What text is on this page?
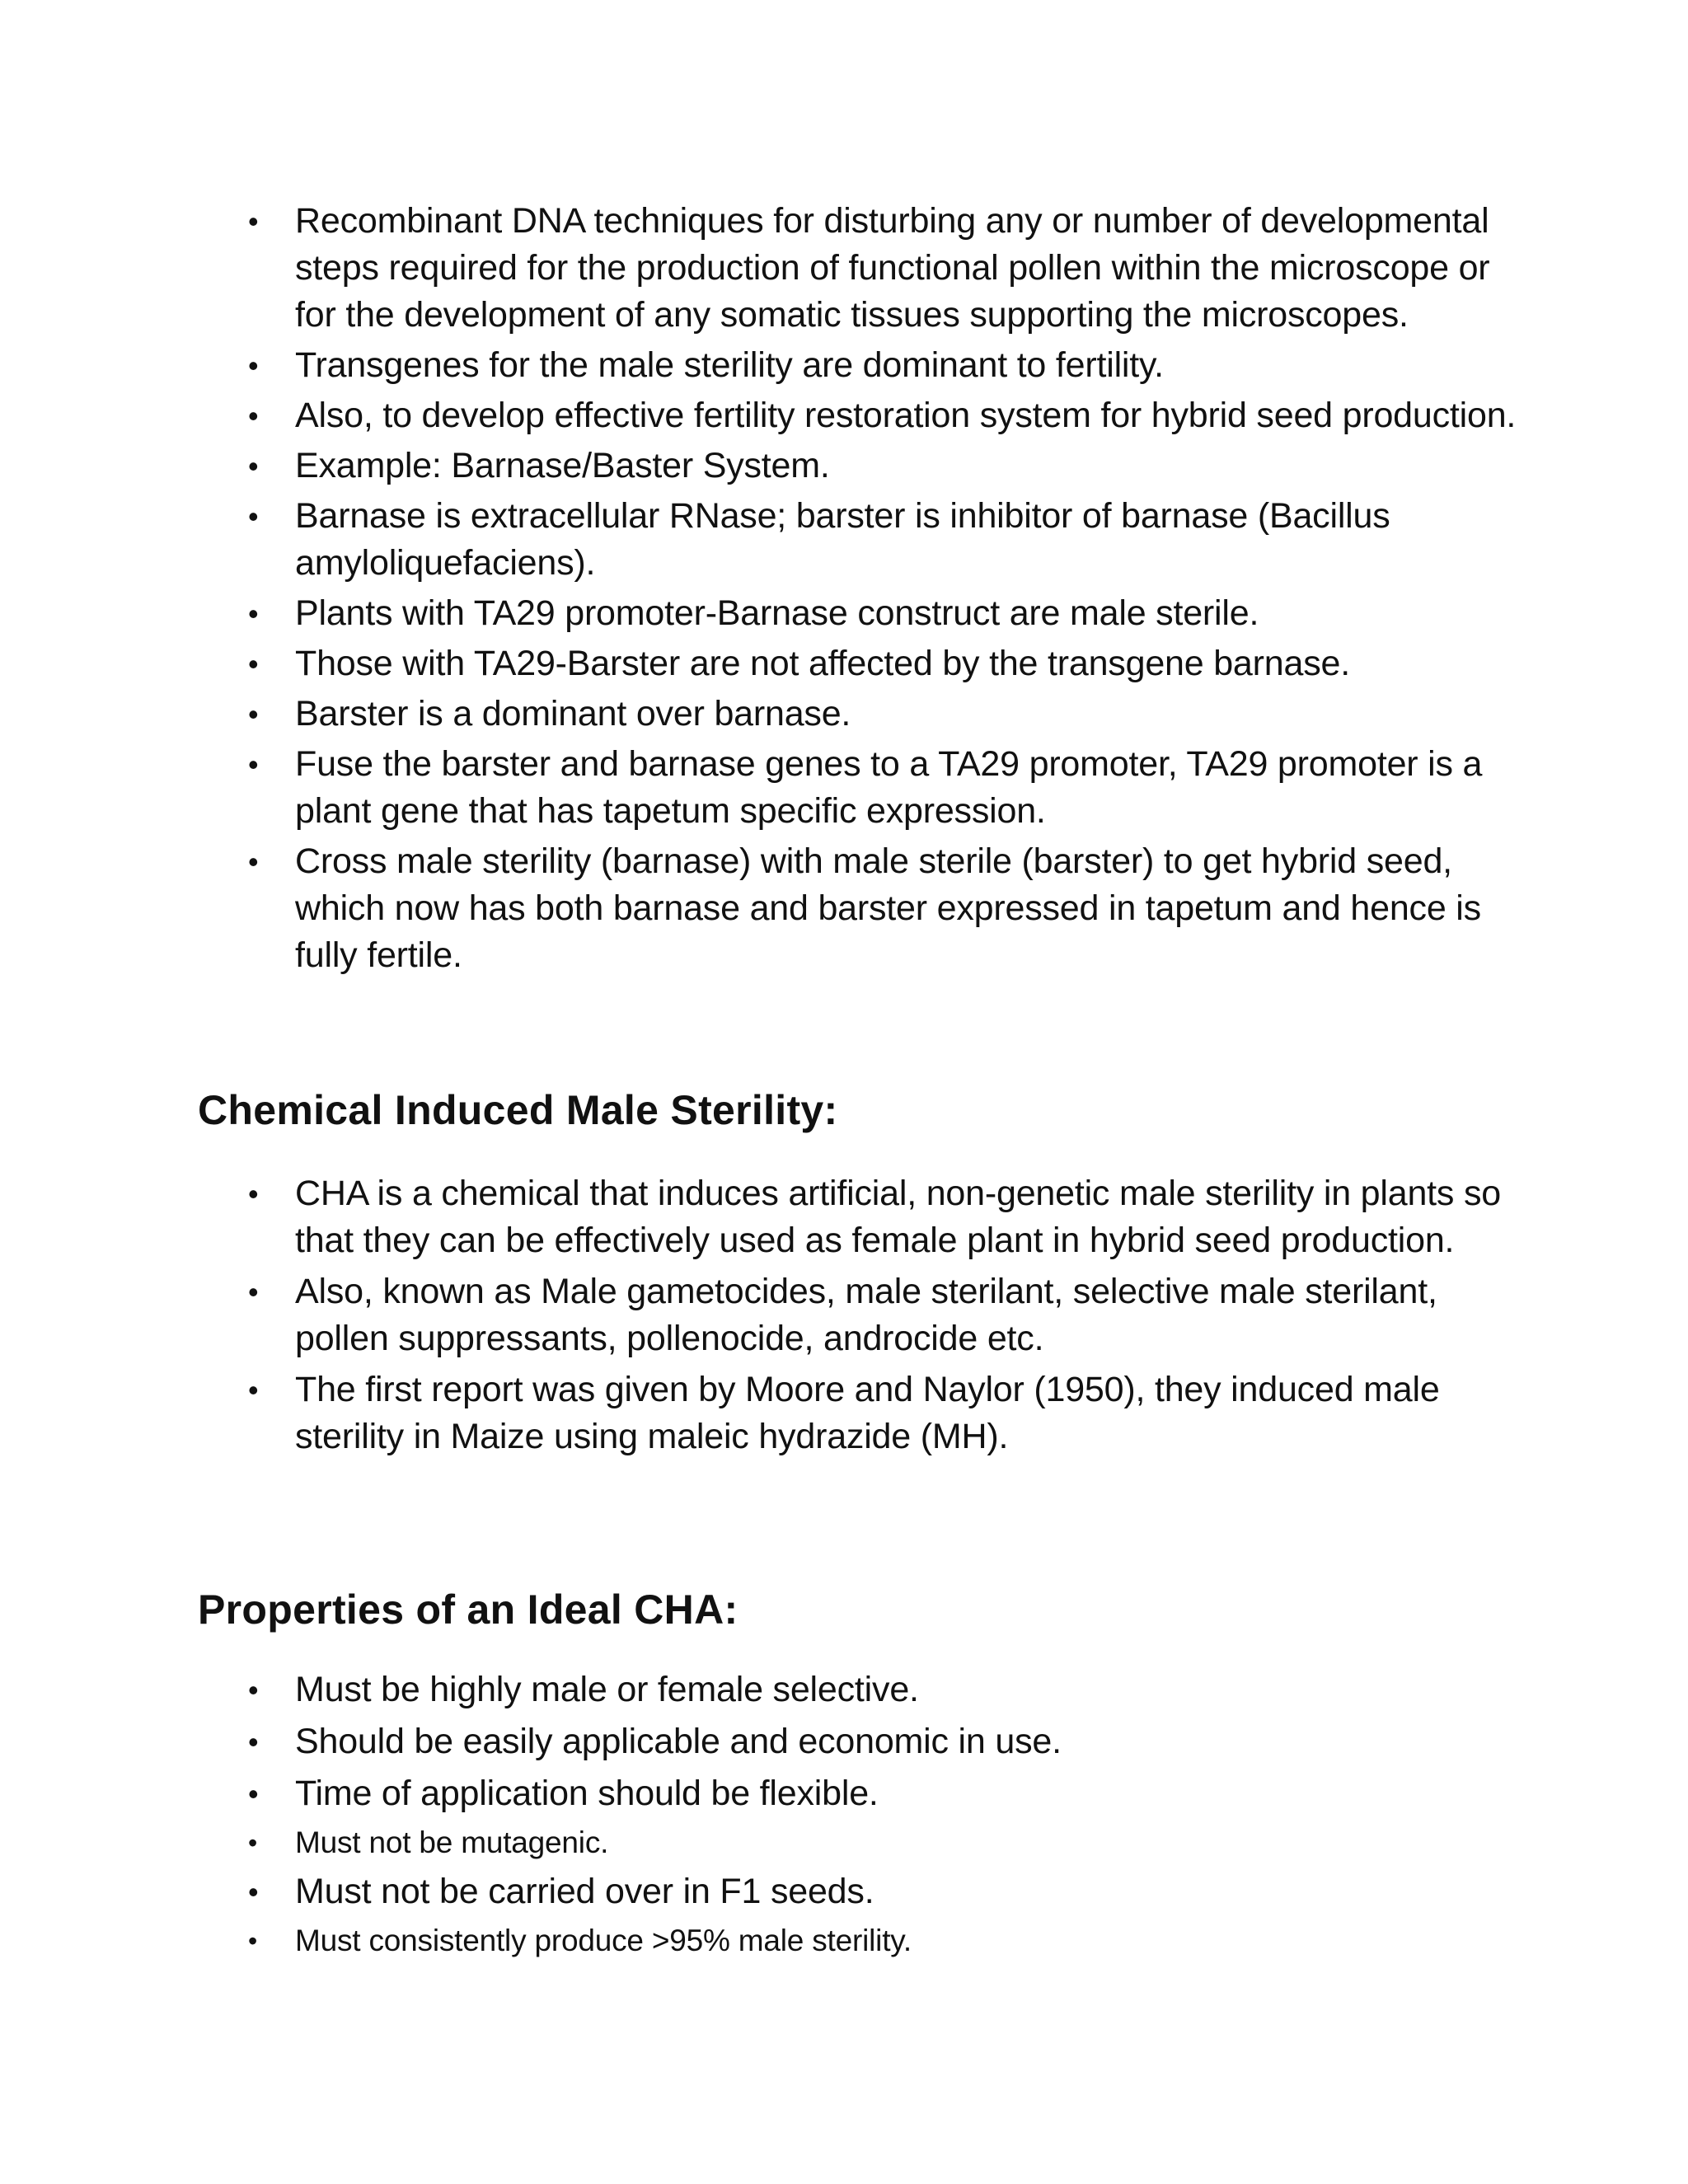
• Recombinant DNA techniques for disturbing any or number of developmental steps required for the production of functional pollen within the microscope or for the development of any somatic tissues supporting the microscopes.
• Transgenes for the male sterility are dominant to fertility.
• Also, to develop effective fertility restoration system for hybrid seed production.
• Example: Barnase/Baster System.
• Barnase is extracellular RNase; barster is inhibitor of barnase (Bacillus amyloliquefaciens).
• Plants with TA29 promoter-Barnase construct are male sterile.
• Those with TA29-Barster are not affected by the transgene barnase.
• Barster is a dominant over barnase.
• Fuse the barster and barnase genes to a TA29 promoter, TA29 promoter is a plant gene that has tapetum specific expression.
• Cross male sterility (barnase) with male sterile (barster) to get hybrid seed, which now has both barnase and barster expressed in tapetum and hence is fully fertile.
Chemical Induced Male Sterility:
• CHA is a chemical that induces artificial, non-genetic male sterility in plants so that they can be effectively used as female plant in hybrid seed production.
• Also, known as Male gametocides, male sterilant, selective male sterilant, pollen suppressants, pollenocide, androcide etc.
• The first report was given by Moore and Naylor (1950), they induced male sterility in Maize using maleic hydrazide (MH).
Properties of an Ideal CHA:
• Must be highly male or female selective.
• Should be easily applicable and economic in use.
• Time of application should be flexible.
• Must not be mutagenic.
• Must not be carried over in F1 seeds.
• Must consistently produce >95% male sterility.
